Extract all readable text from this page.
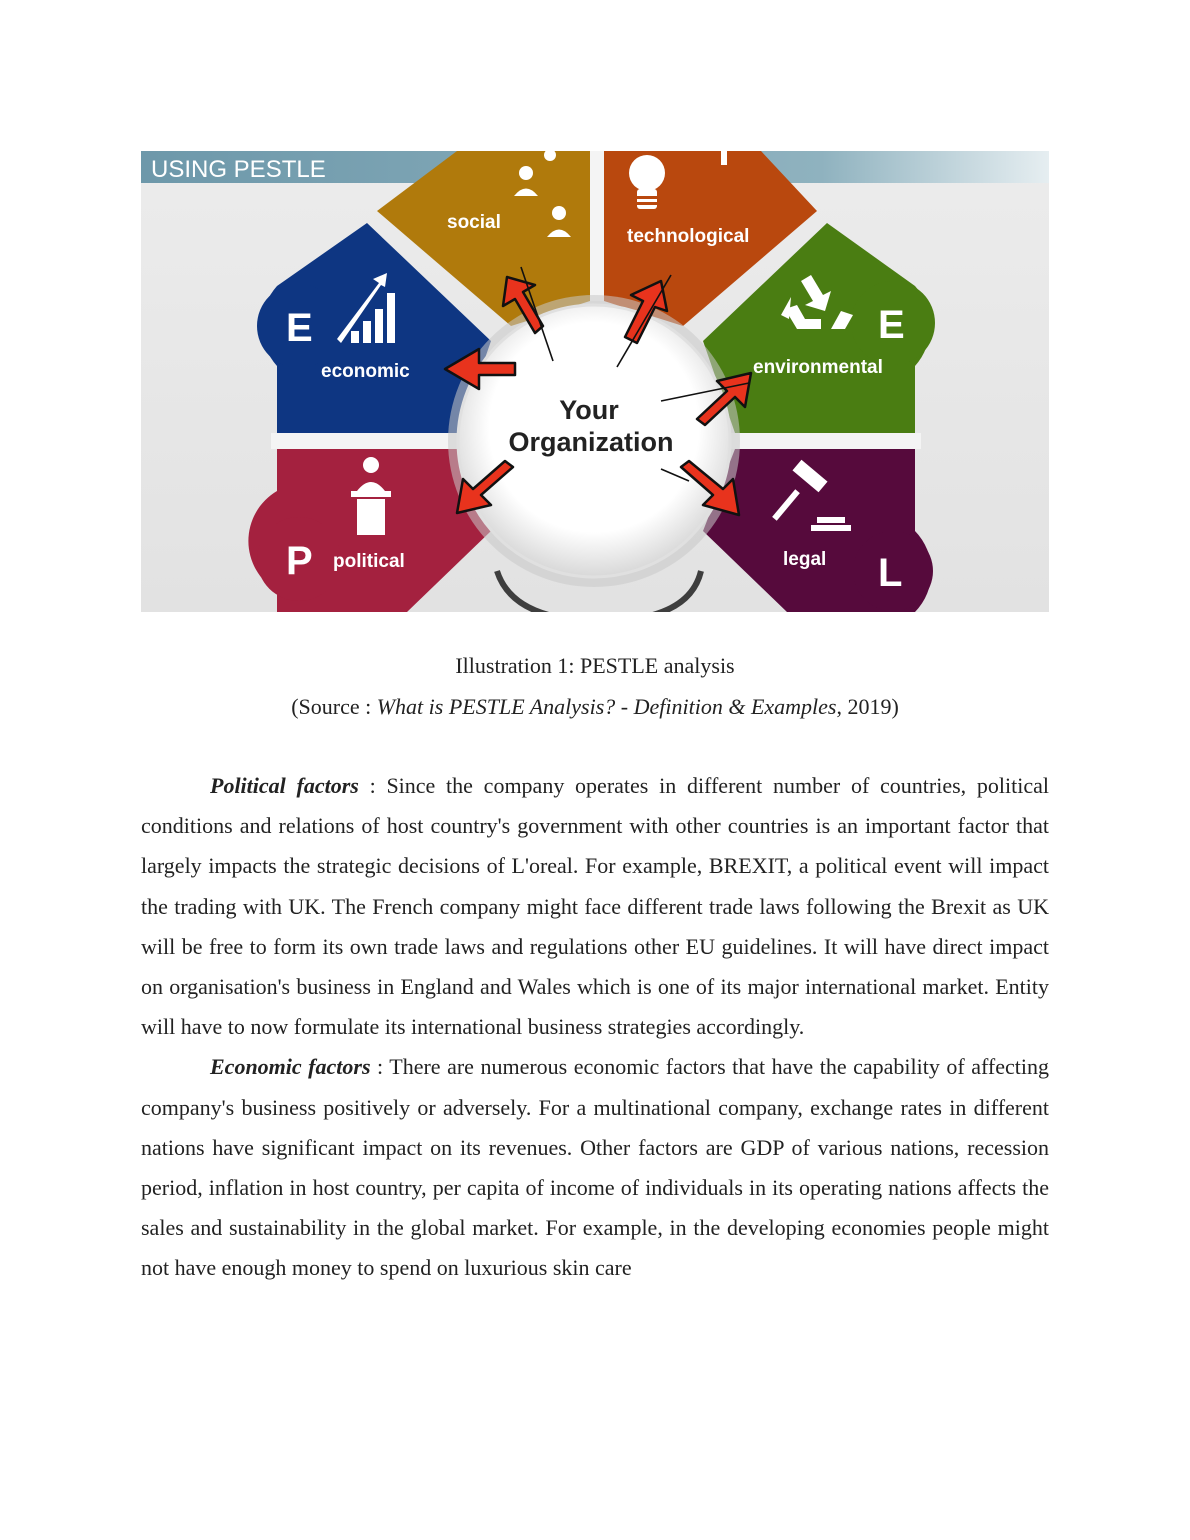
USING PESTLE
social
technological
E
economic
E
environmental
P political	L
legal
Your
Organization
Illustration 1: PESTLE analysis
(Source : What is PESTLE Analysis? - Definition & Examples, 2019)

Political factors : Since the company operates in different number of countries, political conditions and relations of host country's government with other countries is an important factor that largely impacts the strategic decisions of L'oreal. For example, BREXIT, a political event will impact the trading with UK. The French company might face different trade laws following the Brexit as UK will be free to form its own trade laws and regulations other EU guidelines. It will have direct impact on organisation's business in England and Wales which is one of its major international market. Entity will have to now formulate its international business strategies accordingly.

Economic factors : There are numerous economic factors that have the capability of affecting company's business positively or adversely. For a multinational company, exchange rates in different nations have significant impact on its revenues. Other factors are GDP of various nations, recession period, inflation in host country, per capita of income of individuals in its operating nations affects the sales and sustainability in the global market. For example, in the developing economies people might not have enough money to spend on luxurious skin care
